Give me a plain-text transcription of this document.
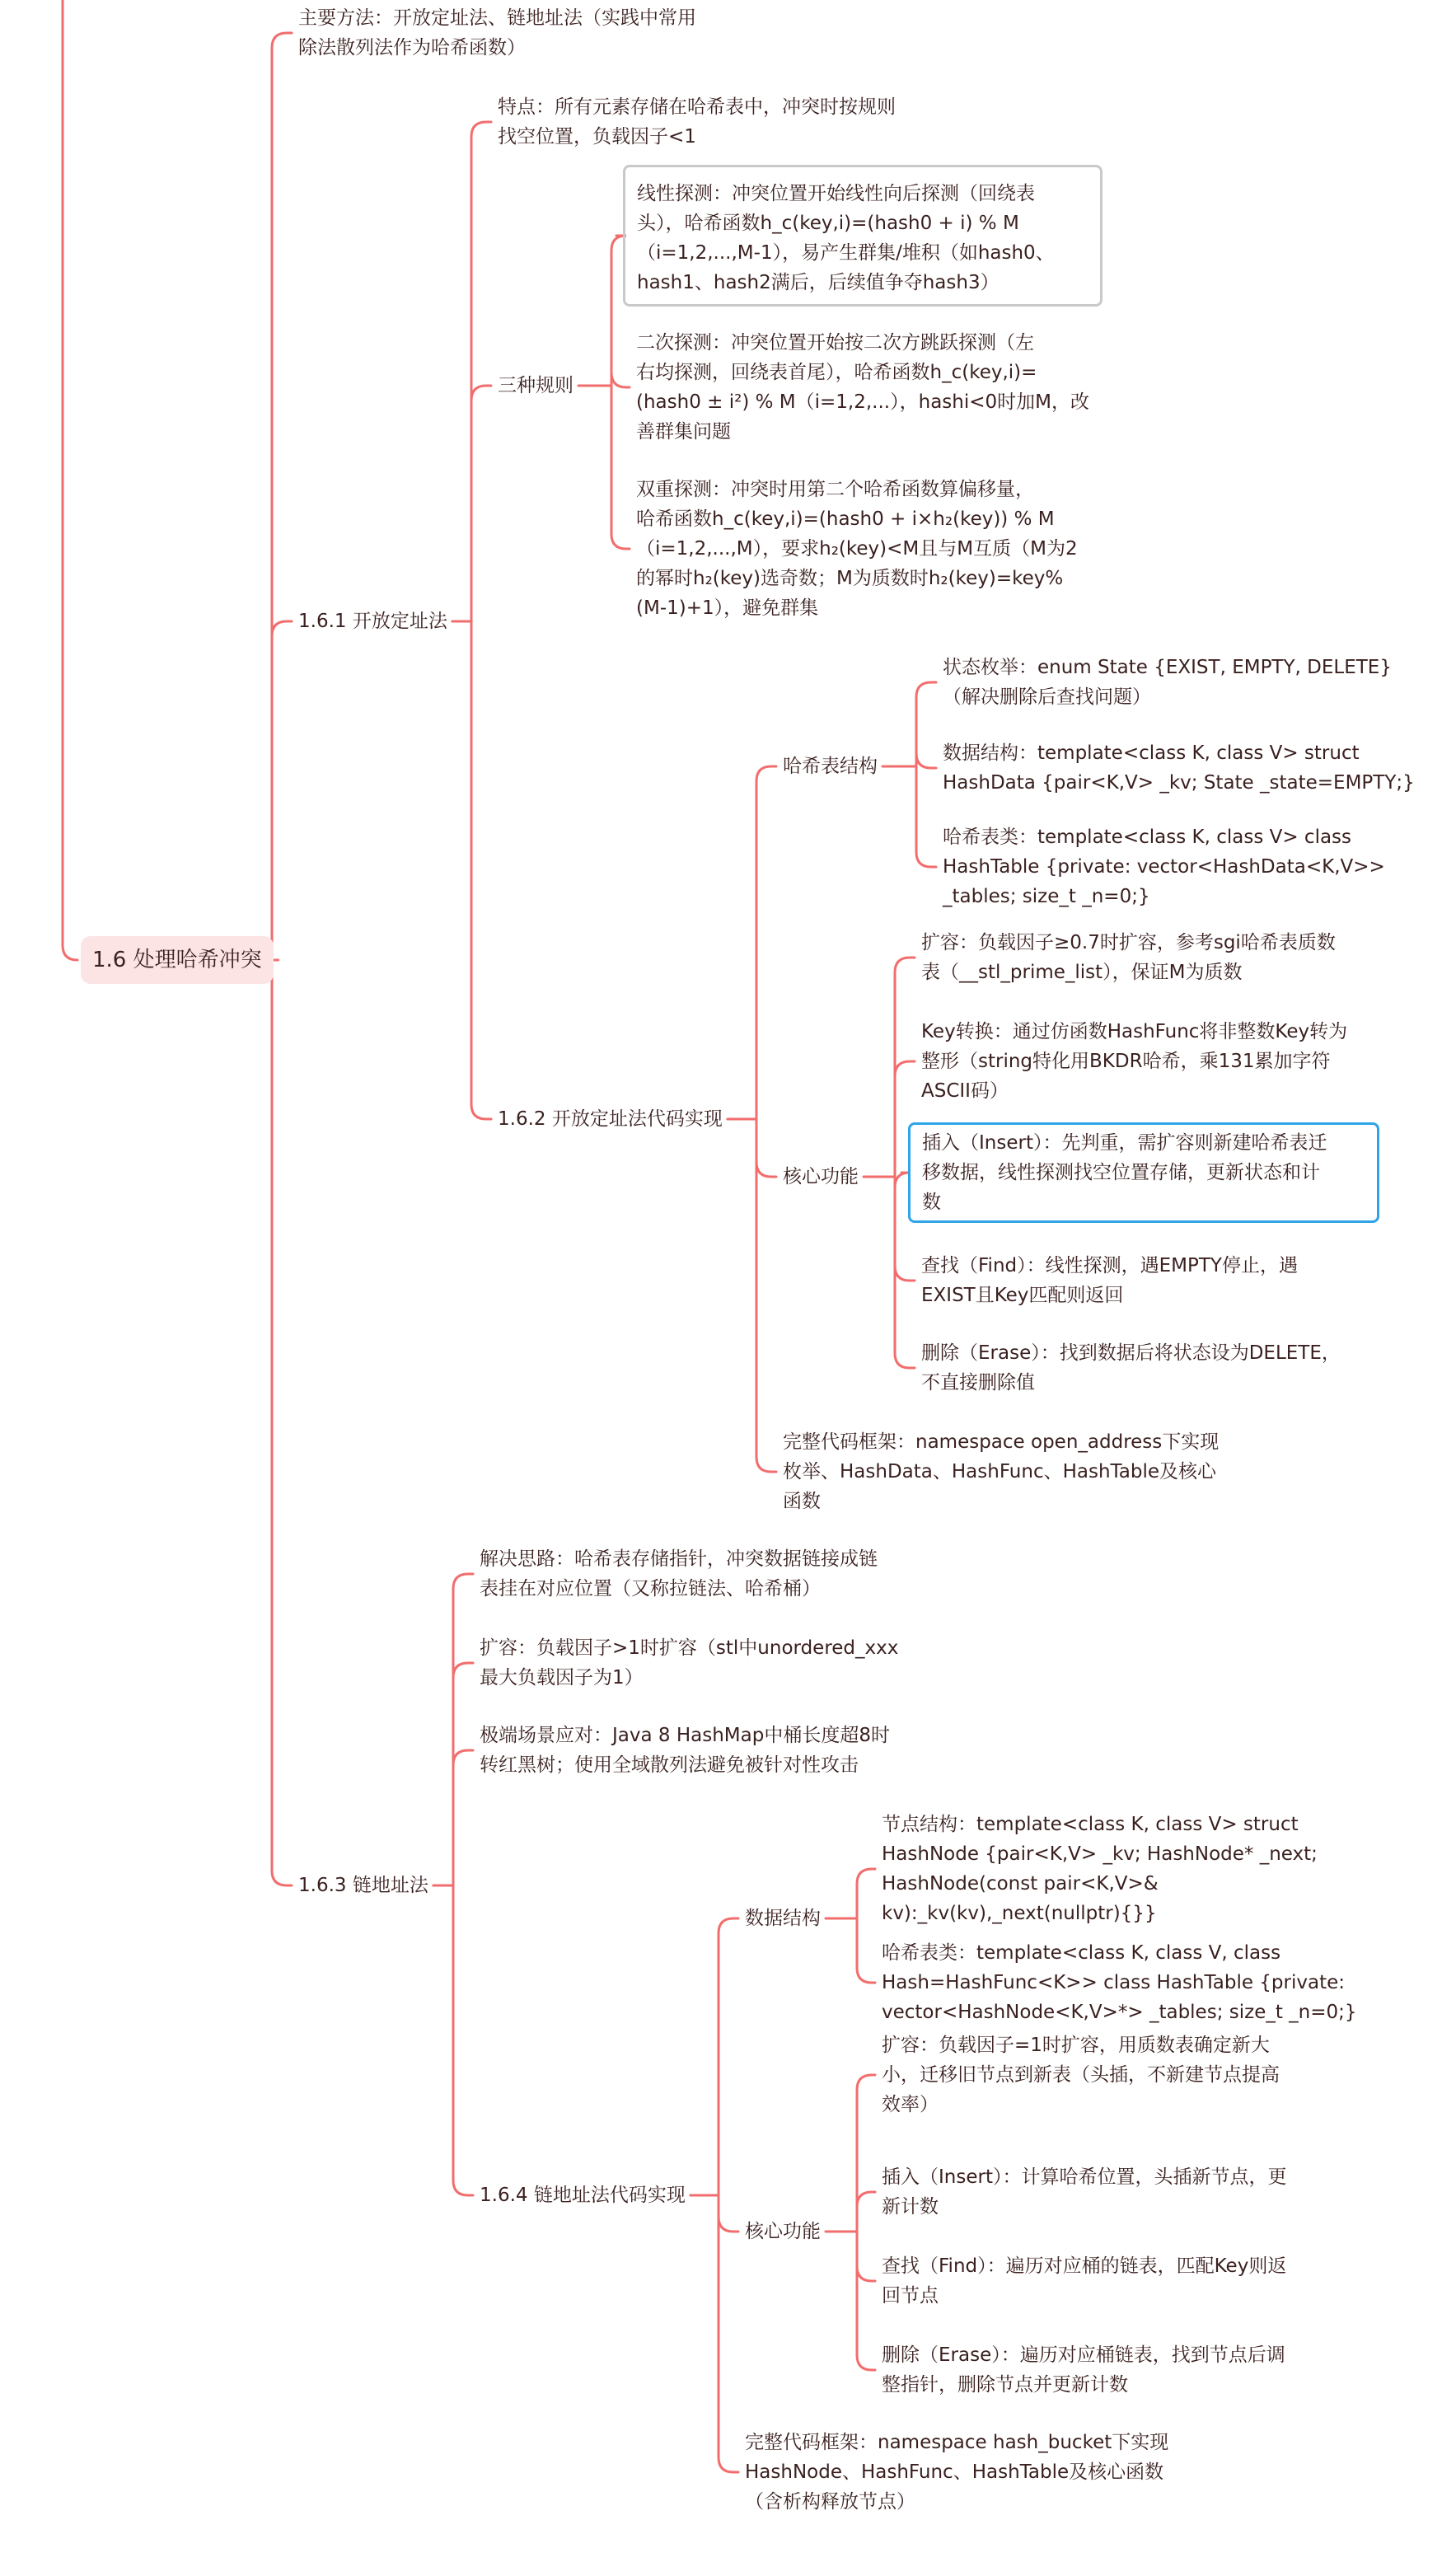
1.6 处理哈希冲突
主要方法：开放定址法、链地址法（实践中常用
除法散列法作为哈希函数）
1.6.1 开放定址法
特点：所有元素存储在哈希表中，冲突时按规则
找空位置，负载因子<1
三种规则
线性探测：冲突位置开始线性向后探测（回绕表
头），哈希函数h_c(key,i)=(hash0 + i) % M
（i=1,2,...,M-1），易产生群集/堆积（如hash0、
hash1、hash2满后，后续值争夺hash3）
二次探测：冲突位置开始按二次方跳跃探测（左
右均探测，回绕表首尾），哈希函数h_c(key,i)=
(hash0 ± i²) % M（i=1,2,...），hashi<0时加M，改
善群集问题
双重探测：冲突时用第二个哈希函数算偏移量，
哈希函数h_c(key,i)=(hash0 + i×h₂(key)) % M
（i=1,2,...,M），要求h₂(key)<M且与M互质（M为2
的幂时h₂(key)选奇数；M为质数时h₂(key)=key%
(M-1)+1），避免群集
1.6.2 开放定址法代码实现
哈希表结构
状态枚举：enum State {EXIST, EMPTY, DELETE}
（解决删除后查找问题）
数据结构：template<class K, class V> struct
HashData {pair<K,V> _kv; State _state=EMPTY;}
哈希表类：template<class K, class V> class
HashTable {private: vector<HashData<K,V>>
_tables; size_t _n=0;}
核心功能
扩容：负载因子≥0.7时扩容，参考sgi哈希表质数
表（__stl_prime_list），保证M为质数
Key转换：通过仿函数HashFunc将非整数Key转为
整形（string特化用BKDR哈希，乘131累加字符
ASCII码）
插入（Insert）：先判重，需扩容则新建哈希表迁
移数据，线性探测找空位置存储，更新状态和计
数
查找（Find）：线性探测，遇EMPTY停止，遇
EXIST且Key匹配则返回
删除（Erase）：找到数据后将状态设为DELETE，
不直接删除值
完整代码框架：namespace open_address下实现
枚举、HashData、HashFunc、HashTable及核心
函数
1.6.3 链地址法
解决思路：哈希表存储指针，冲突数据链接成链
表挂在对应位置（又称拉链法、哈希桶）
扩容：负载因子>1时扩容（stl中unordered_xxx
最大负载因子为1）
极端场景应对：Java 8 HashMap中桶长度超8时
转红黑树；使用全域散列法避免被针对性攻击
1.6.4 链地址法代码实现
数据结构
节点结构：template<class K, class V> struct
HashNode {pair<K,V> _kv; HashNode* _next;
HashNode(const pair<K,V>&
kv):_kv(kv),_next(nullptr){}}
哈希表类：template<class K, class V, class
Hash=HashFunc<K>> class HashTable {private:
vector<HashNode<K,V>*> _tables; size_t _n=0;}
核心功能
扩容：负载因子=1时扩容，用质数表确定新大
小，迁移旧节点到新表（头插，不新建节点提高
效率）
插入（Insert）：计算哈希位置，头插新节点，更
新计数
查找（Find）：遍历对应桶的链表，匹配Key则返
回节点
删除（Erase）：遍历对应桶链表，找到节点后调
整指针，删除节点并更新计数
完整代码框架：namespace hash_bucket下实现
HashNode、HashFunc、HashTable及核心函数
（含析构释放节点）
